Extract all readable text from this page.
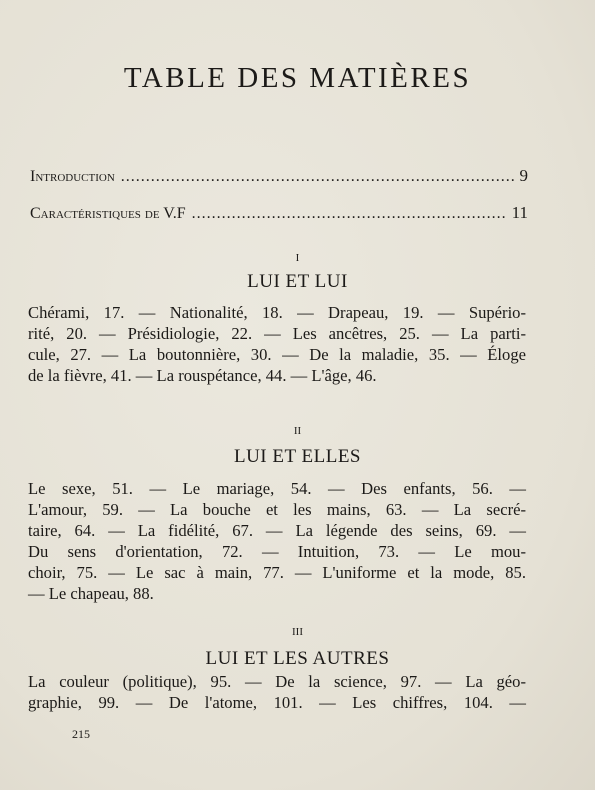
TABLE DES MATIÈRES
Introduction .....	9
Caractéristiques de V.F .....	11
I
LUI ET LUI
Chérami, 17. — Nationalité, 18. — Drapeau, 19. — Supério-
rité, 20. — Présidiologie, 22. — Les ancêtres, 25. — La parti-
cule, 27. — La boutonnière, 30. — De la maladie, 35. — Éloge
de la fièvre, 41. — La rouspétance, 44. — L'âge, 46.
II
LUI ET ELLES
Le sexe, 51. — Le mariage, 54. — Des enfants, 56. —
L'amour, 59. — La bouche et les mains, 63. — La secré-
taire, 64. — La fidélité, 67. — La légende des seins, 69. —
Du sens d'orientation, 72. — Intuition, 73. — Le mou-
choir, 75. — Le sac à main, 77. — L'uniforme et la mode, 85.
— Le chapeau, 88.
III
LUI ET LES AUTRES
La couleur (politique), 95. — De la science, 97. — La géo-
graphie, 99. — De l'atome, 101. — Les chiffres, 104. —
215
